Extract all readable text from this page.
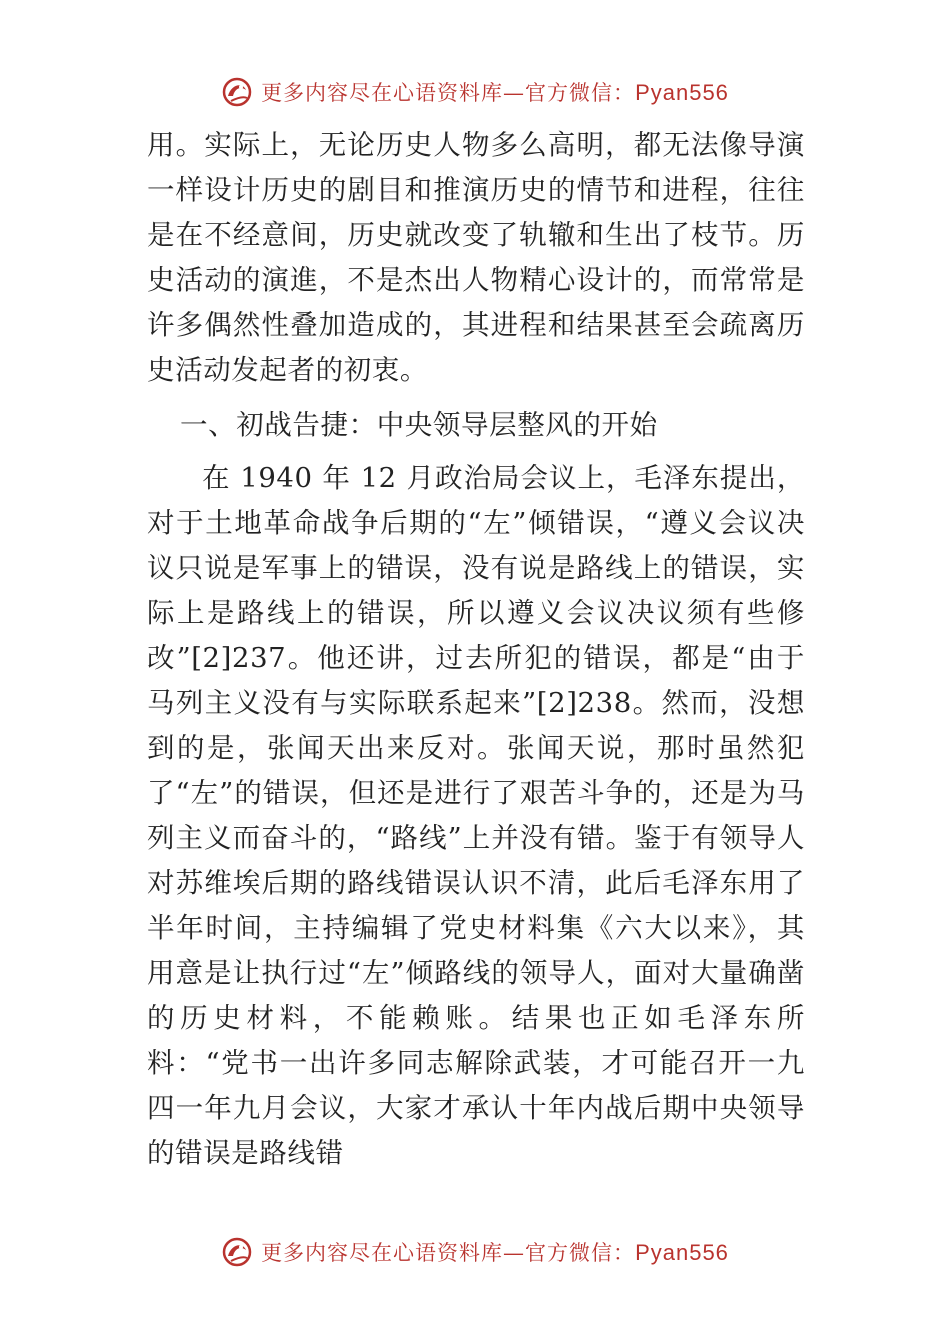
更多内容尽在心语资料库—官方微信：Pyan556

用。实际上，无论历史人物多么高明，都无法像导演一样设计历史的剧目和推演历史的情节和进程，往往是在不经意间，历史就改变了轨辙和生出了枝节。历史活动的演進，不是杰出人物精心设计的，而常常是许多偶然性叠加造成的，其进程和结果甚至会疏离历史活动发起者的初衷。

一、初战告捷：中央领导层整风的开始

在 1940 年 12 月政治局会议上，毛泽东提出，对于土地革命战争后期的“左”倾错误，“遵义会议决议只说是军事上的错误，没有说是路线上的错误，实际上是路线上的错误，所以遵义会议决议须有些修改”[2]237。他还讲，过去所犯的错误，都是“由于马列主义没有与实际联系起来”[2]238。然而，没想到的是，张闻天出来反对。张闻天说，那时虽然犯了“左”的错误，但还是进行了艰苦斗争的，还是为马列主义而奋斗的，“路线”上并没有错。鉴于有领导人对苏维埃后期的路线错误认识不清，此后毛泽东用了半年时间，主持编辑了党史材料集《六大以来》，其用意是让执行过“左”倾路线的领导人，面对大量确凿的历史材料，不能赖账。结果也正如毛泽东所料：“党书一出许多同志解除武装，才可能召开一九四一年九月会议，大家才承认十年内战后期中央领导的错误是路线错

更多内容尽在心语资料库—官方微信：Pyan556
